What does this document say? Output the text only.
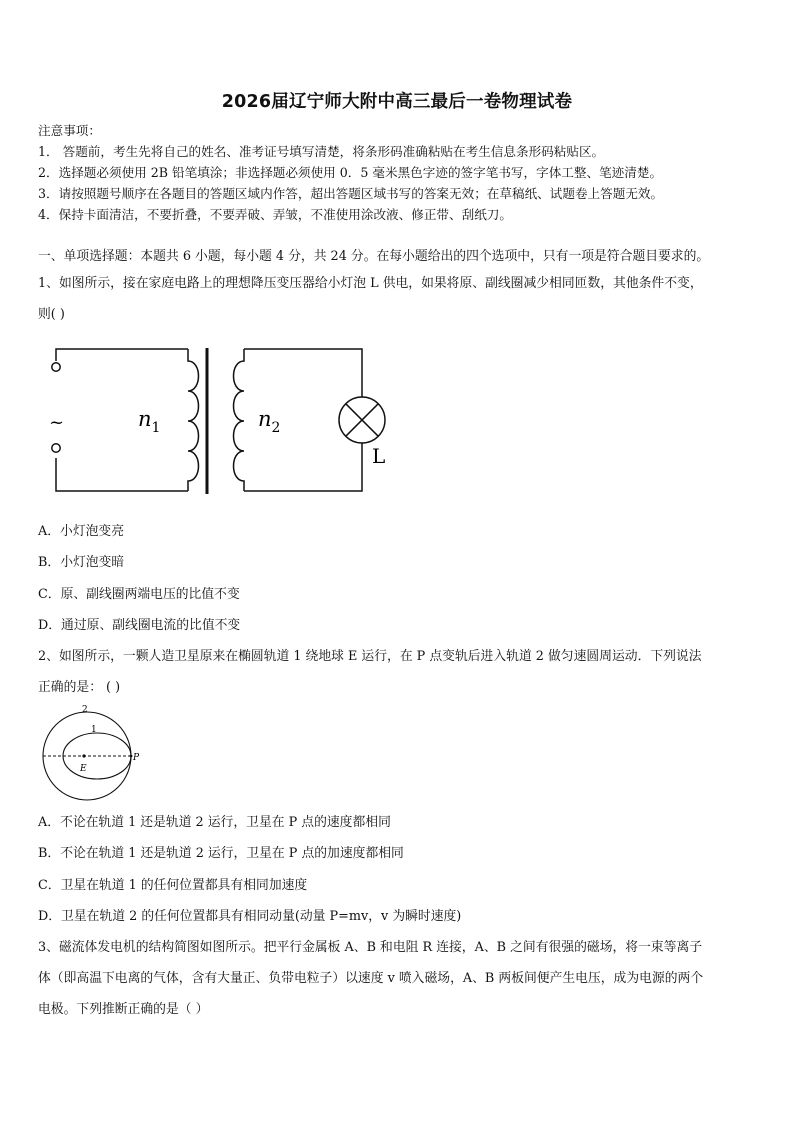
2026届辽宁师大附中高三最后一卷物理试卷
注意事项：
1． 答题前，考生先将自己的姓名、准考证号填写清楚，将条形码准确粘贴在考生信息条形码粘贴区。
2．选择题必须使用 2B 铅笔填涂；非选择题必须使用 0．5 毫米黑色字迹的签字笔书写，字体工整、笔迹清楚。
3．请按照题号顺序在各题目的答题区域内作答，超出答题区域书写的答案无效；在草稿纸、试题卷上答题无效。
4．保持卡面清洁，不要折叠，不要弄破、弄皱，不准使用涂改液、修正带、刮纸刀。
一、单项选择题：本题共 6 小题，每小题 4 分，共 24 分。在每小题给出的四个选项中，只有一项是符合题目要求的。
1、如图所示，接在家庭电路上的理想降压变压器给小灯泡 L 供电，如果将原、副线圈减少相同匝数，其他条件不变，
则( )
~	$n_1$	$n_2$
L
A．小灯泡变亮
B．小灯泡变暗
C．原、副线圈两端电压的比值不变
D．通过原、副线圈电流的比值不变
2、如图所示，一颗人造卫星原来在椭圆轨道 1 绕地球 E 运行，在 P 点变轨后进入轨道 2 做匀速圆周运动．下列说法
正确的是： ( )
2
1
E
P
A．不论在轨道 1 还是轨道 2 运行，卫星在 P 点的速度都相同
B．不论在轨道 1 还是轨道 2 运行，卫星在 P 点的加速度都相同
C．卫星在轨道 1 的任何位置都具有相同加速度
D．卫星在轨道 2 的任何位置都具有相同动量(动量 P=mv，v 为瞬时速度)
3、磁流体发电机的结构简图如图所示。把平行金属板 A、B 和电阻 R 连接，A、B 之间有很强的磁场，将一束等离子
体（即高温下电离的气体，含有大量正、负带电粒子）以速度 v 喷入磁场，A、B 两板间便产生电压，成为电源的两个
电极。下列推断正确的是（ ）
